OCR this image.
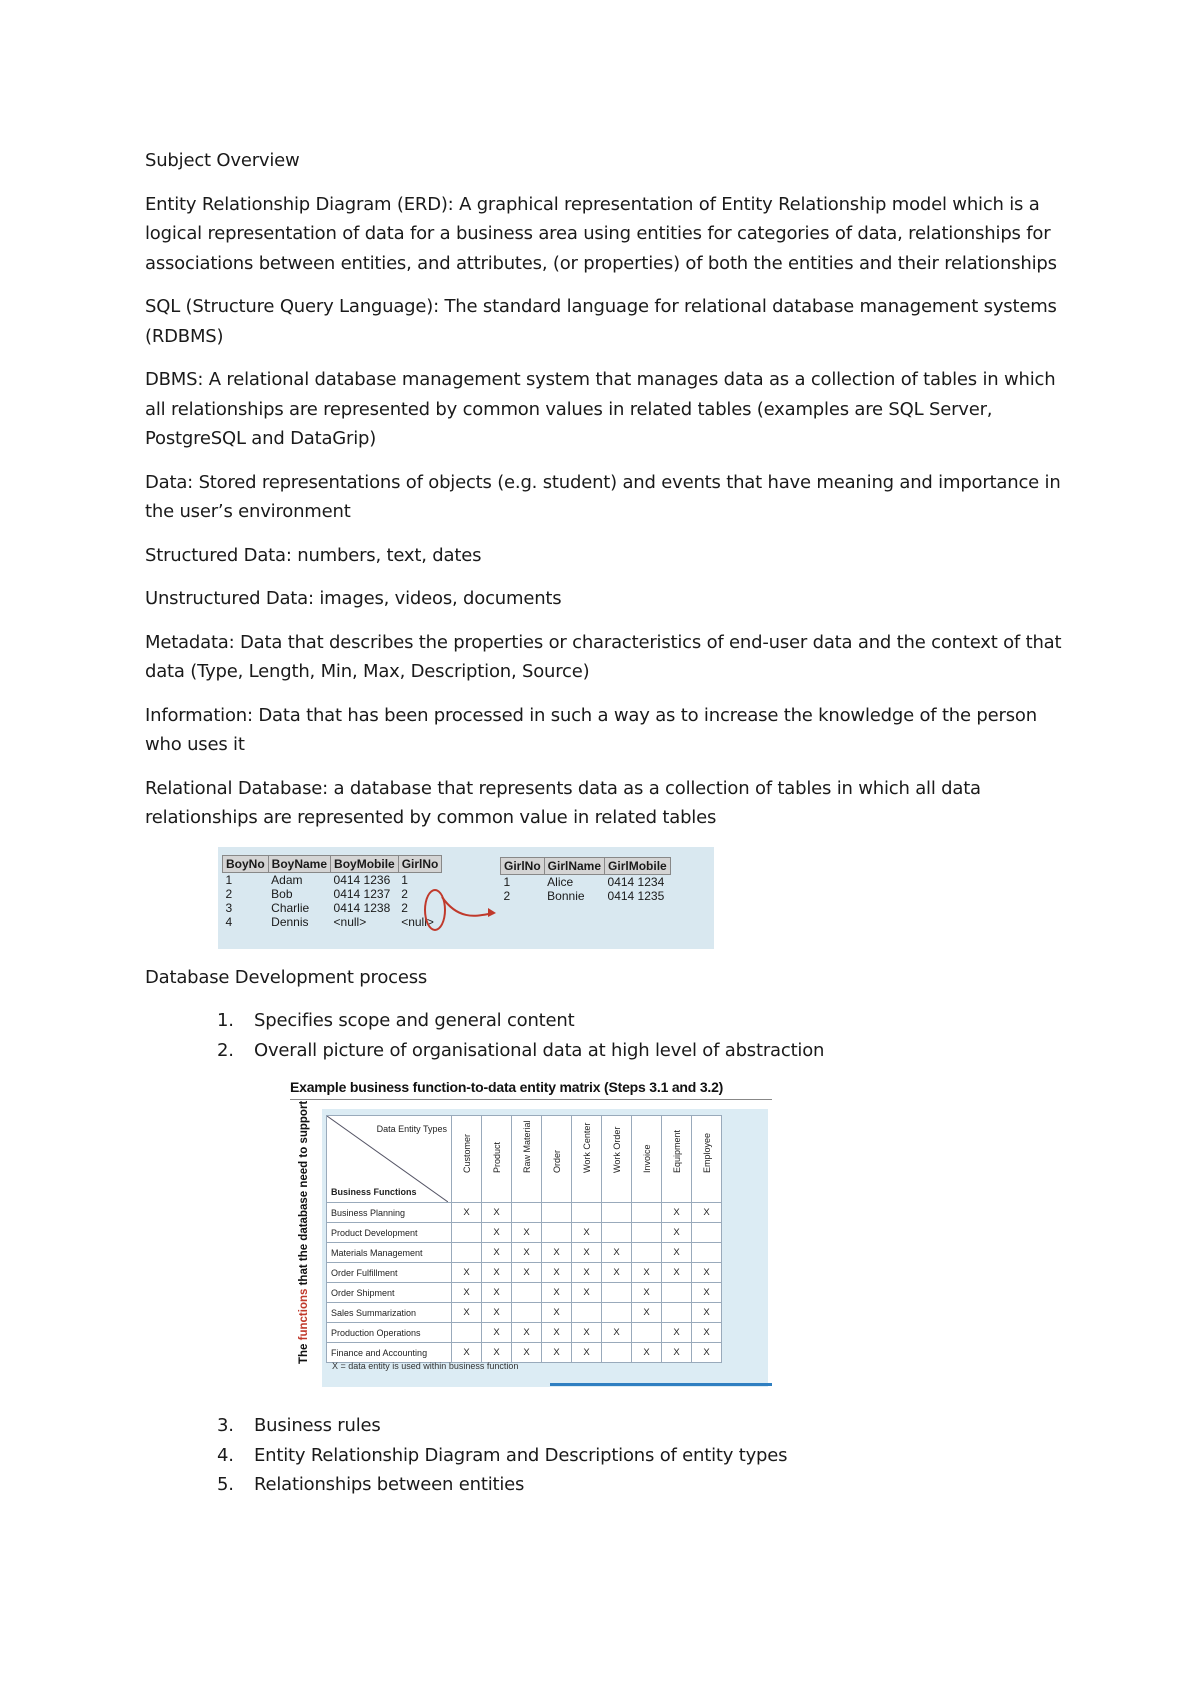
Subject Overview

Entity Relationship Diagram (ERD): A graphical representation of Entity Relationship model which is a logical representation of data for a business area using entities for categories of data, relationships for associations between entities, and attributes, (or properties) of both the entities and their relationships

SQL (Structure Query Language): The standard language for relational database management systems (RDBMS)

DBMS: A relational database management system that manages data as a collection of tables in which all relationships are represented by common values in related tables (examples are SQL Server, PostgreSQL and DataGrip)

Data: Stored representations of objects (e.g. student) and events that have meaning and importance in the user’s environment

Structured Data: numbers, text, dates

Unstructured Data: images, videos, documents

Metadata: Data that describes the properties or characteristics of end-user data and the context of that data (Type, Length, Min, Max, Description, Source)

Information: Data that has been processed in such a way as to increase the knowledge of the person who uses it

Relational Database: a database that represents data as a collection of tables in which all data relationships are represented by common value in related tables

BoyNo	BoyName	BoyMobile	GirlNo
1	Adam	0414 1236	1
2	Bob	0414 1237	2
3	Charlie	0414 1238	2
4	Dennis	<null>	<null>
GirlNo	GirlName	GirlMobile
1	Alice	0414 1234
2	Bonnie	0414 1235

Database Development process

1. Specifies scope and general content
2. Overall picture of organisational data at high level of abstraction
Example business function-to-data entity matrix (Steps 3.1 and 3.2)
The functions that the database need to support	Data Entity Types
Business Functions	Customer	Product	Raw Material	Order	Work Center	Work Order	Invoice	Equipment	Employee
Business Planning	X	X						X	X
Product Development		X	X		X			X	
Materials Management		X	X	X	X	X		X	
Order Fulfillment	X	X	X	X	X	X	X	X	X
Order Shipment	X	X		X	X		X		X
Sales Summarization	X	X		X			X		X
Production Operations		X	X	X	X	X		X	X
Finance and Accounting	X	X	X	X	X		X	X	X
X = data entity is used within business function
3. Business rules
4. Entity Relationship Diagram and Descriptions of entity types
5. Relationships between entities
